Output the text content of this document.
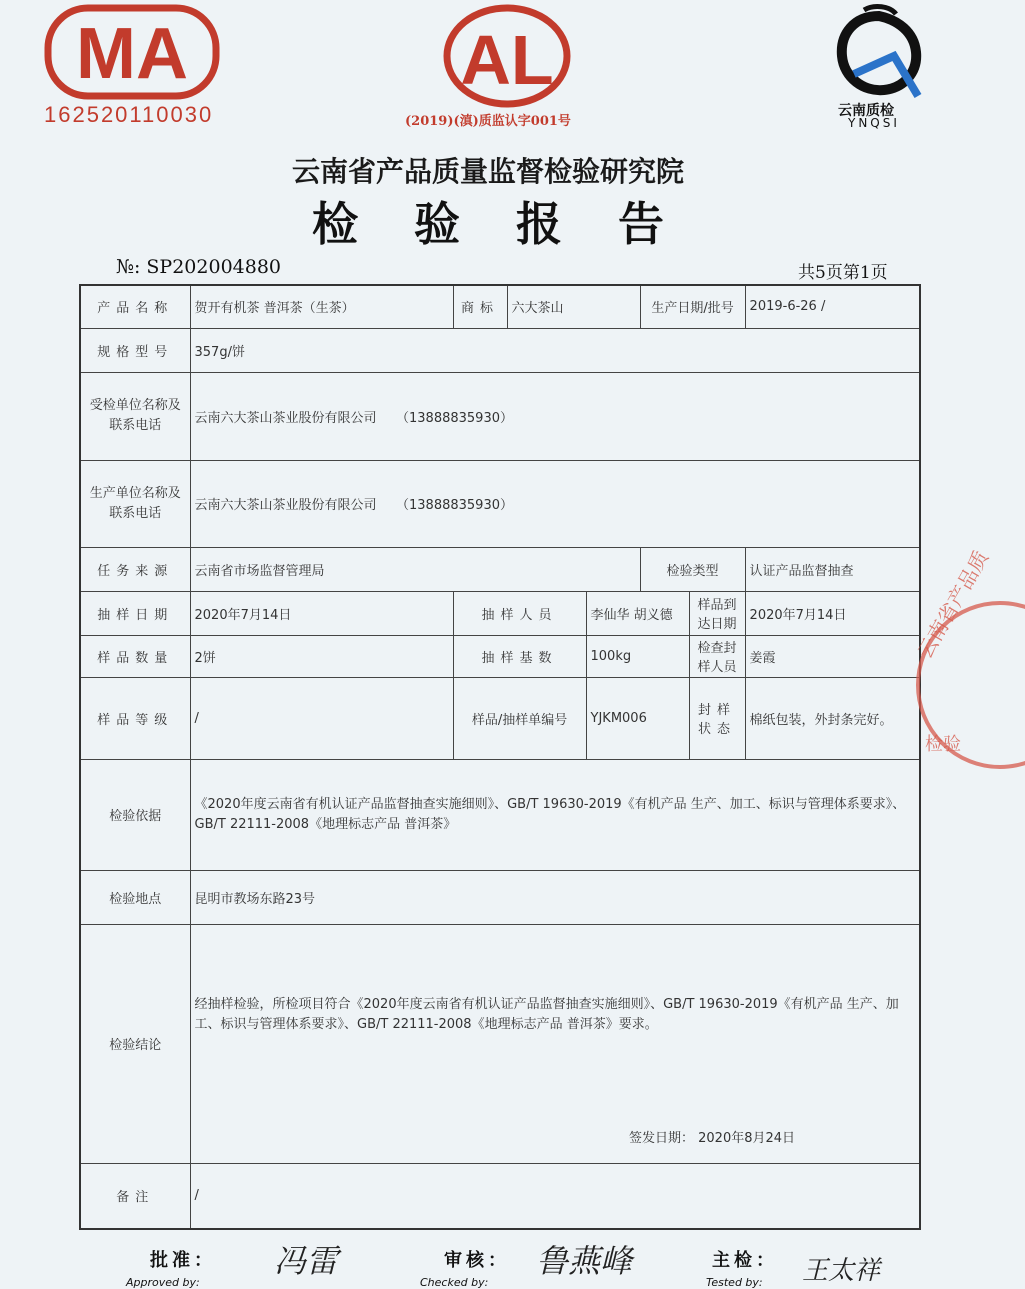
MA
162520110030
AL
(2019)(滇)质监认字001号
云南质检
YNQSI
云南省产品质量监督检验研究院
检验报告
№: SP202004880	共5页第1页
产品名称	贺开有机茶 普洱茶（生茶）	商标	六大茶山		生产日期/批号		2019-6-26 /
规格型号	357g/饼						
受检单位名称及联系电话	云南六大茶山茶业股份有限公司　　（13888835930）						
生产单位名称及联系电话	云南六大茶山茶业股份有限公司　　（13888835930）						
任务来源	云南省市场监督管理局				检验类型		认证产品监督抽查
抽样日期	2020年7月14日	抽样人员		李仙华 胡义德		样品到达日期	2020年7月14日
样品数量	2饼	抽样基数		100kg		检查封样人员	姜霞
样品等级	/	样品/抽样单编号		YJKM006		封样状态	棉纸包装，外封条完好。
检验依据	《2020年度云南省有机认证产品监督抽查实施细则》、GB/T 19630-2019《有机产品 生产、加工、标识与管理体系要求》、GB/T 22111-2008《地理标志产品 普洱茶》						
检验地点	昆明市教场东路23号						
检验结论	经抽样检验，所检项目符合《2020年度云南省有机认证产品监督抽查实施细则》、GB/T 19630-2019《有机产品 生产、加工、标识与管理体系要求》、GB/T 22111-2008《地理标志产品 普洱茶》要求。
签发日期： 2020年8月24日						

备注	/						
云南省产品质
检验
批准：
Approved by:
冯雷	审核：
Checked by:
鲁燕峰	主检：
Tested by: 王太祥
